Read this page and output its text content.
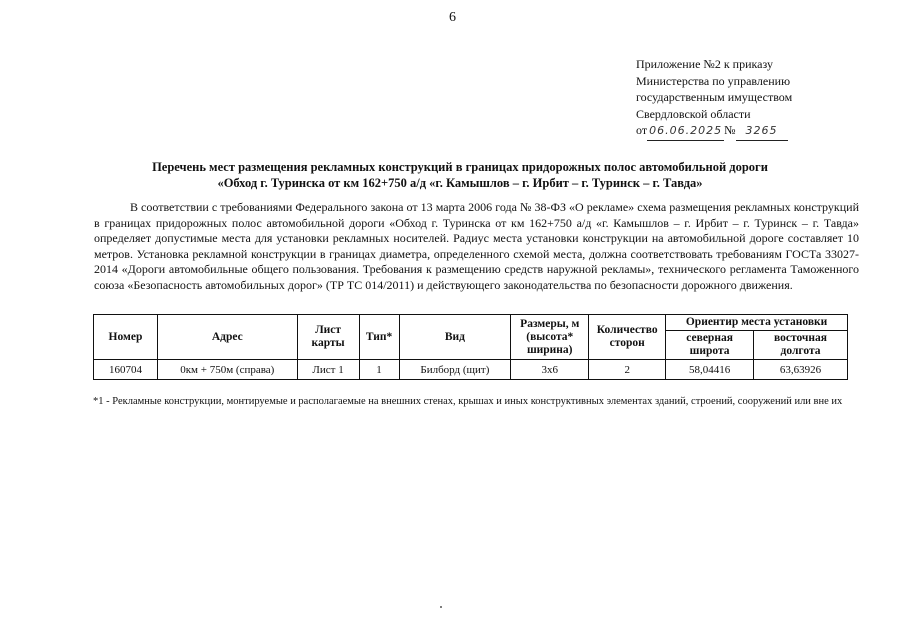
6
Приложение №2 к приказу
Министерства по управлению
государственным имуществом
Свердловской области
от 06.06.2025 № 3265
Перечень мест размещения рекламных конструкций в границах придорожных полос автомобильной дороги
«Обход г. Туринска от км 162+750 а/д «г. Камышлов – г. Ирбит – г. Туринск – г. Тавда»
В соответствии с требованиями Федерального закона от 13 марта 2006 года № 38-ФЗ «О рекламе» схема размещения рекламных конструкций в границах придорожных полос автомобильной дороги «Обход г. Туринска от км 162+750 а/д «г. Камышлов – г. Ирбит – г. Туринск – г. Тавда» определяет допустимые места для установки рекламных носителей. Радиус места установки конструкции на автомобильной дороге составляет 10 метров. Установка рекламной конструкции в границах диаметра, определенного схемой места, должна соответствовать требованиям ГОСТа 33027-2014 «Дороги автомобильные общего пользования. Требования к размещению средств наружной рекламы», технического регламента Таможенного союза «Безопасность автомобильных дорог» (ТР ТС 014/2011) и действующего законодательства по безопасности дорожного движения.
Номер	Адрес	Лист карты	Тип*	Вид	Размеры, м (высота* ширина)	Количество сторон	Ориентир места установки	
							северная широта	восточная долгота
160704	0км + 750м (справа)	Лист 1	1	Билборд (щит)	3х6	2	58,04416	63,63926
*1 - Рекламные конструкции, монтируемые и располагаемые на внешних стенах, крышах и иных конструктивных элементах зданий, строений, сооружений или вне их
